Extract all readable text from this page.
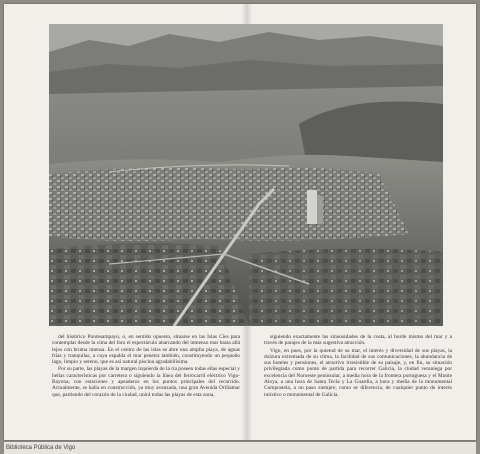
del histórico Pontesampayo, o, en sentido opuesto, situarse en las Islas Cíes para contemplar desde la cima del faro el espectáculo abarcando del inmenso mar hasta allá lejos con bruma intensa. En el centro de las islas se abre una amplia playa, de aguas frías y tranquilas, a cuya espalda el mar penetra también, constituyendo un pequeño lago, limpio y sereno, que es así natural piscina agradabilísima.

Por su parte, las playas de la margen izquierda de la ría poseen todas ellas especial y bellas características por carretera o siguiendo la línea del ferrocarril eléctrico Vigo-Bayona, con estaciones y apeaderos en los puntos principales del recorrido. Actualmente, se halla en construcción, ya muy avanzada, una gran Avenida Orillamar que, partiendo del corazón de la ciudad, unirá todas las playas de esta zona,

siguiendo exactamente las sinuosidades de la costa, al borde mismo del mar y a través de parajes de la más sugestiva atracción.

Vigo, en pues, por la quietud de su mar, el interés y diversidad de sus playas, la dulzura extremada de su clima, la facilidad de sus comunicaciones, la abundancia de sus hoteles y pensiones, el atractivo irresistible de su paisaje, y, en fin, su situación privilegiada como punto de partida para recorrer Galicia, la ciudad veraniega por excelencia del Noroeste peninsular, a media hora de la frontera portuguesa y el Monte Aloya, a una hora de Santa Tecla y La Guardia, a hora y media de la monumental Compostela, a un paso siempre, como se diferencia, de cualquier punto de interés turístico o monumental de Galicia.

Biblioteca Pública de Vigo
